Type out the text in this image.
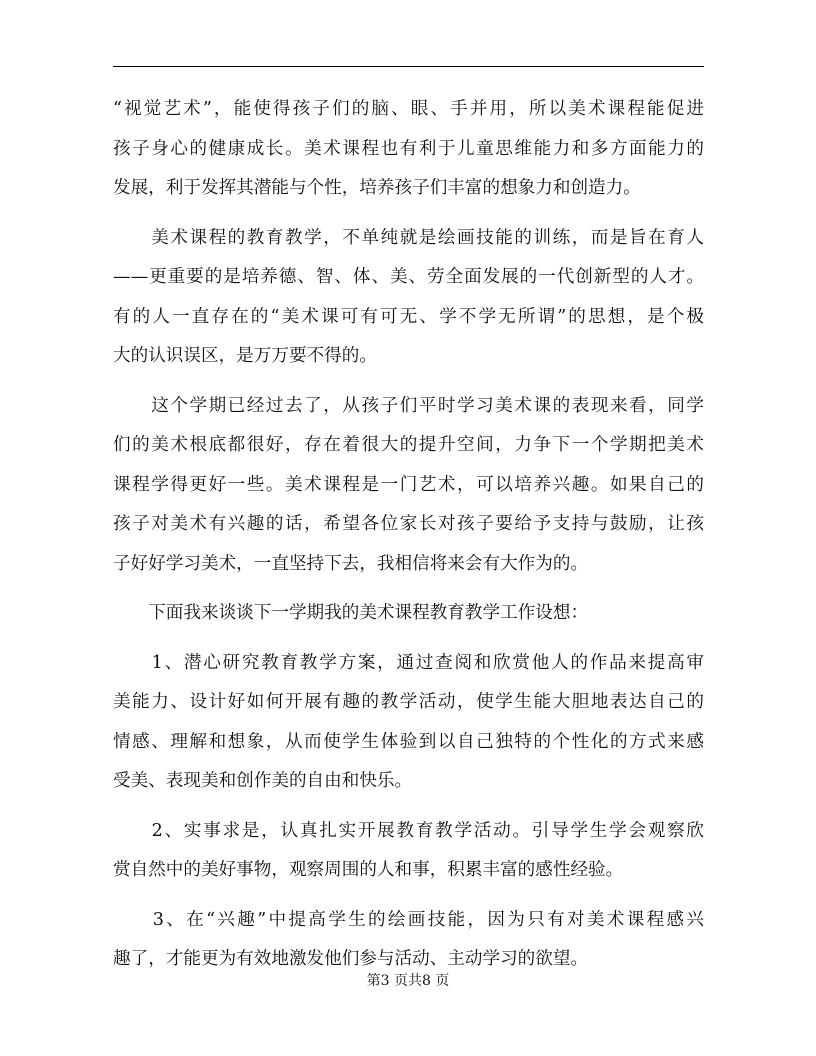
“视觉艺术”，能使得孩子们的脑、眼、手并用，所以美术课程能促进
孩子身心的健康成长。美术课程也有利于儿童思维能力和多方面能力的
发展，利于发挥其潜能与个性，培养孩子们丰富的想象力和创造力。

　　美术课程的教育教学，不单纯就是绘画技能的训练，而是旨在育人
——更重要的是培养德、智、体、美、劳全面发展的一代创新型的人才。
有的人一直存在的“美术课可有可无、学不学无所谓”的思想，是个极
大的认识误区，是万万要不得的。

　　这个学期已经过去了，从孩子们平时学习美术课的表现来看，同学
们的美术根底都很好，存在着很大的提升空间，力争下一个学期把美术
课程学得更好一些。美术课程是一门艺术，可以培养兴趣。如果自己的
孩子对美术有兴趣的话，希望各位家长对孩子要给予支持与鼓励，让孩
子好好学习美术，一直坚持下去，我相信将来会有大作为的。

　　下面我来谈谈下一学期我的美术课程教育教学工作设想：

　　1、潜心研究教育教学方案，通过查阅和欣赏他人的作品来提高审
美能力、设计好如何开展有趣的教学活动，使学生能大胆地表达自己的
情感、理解和想象，从而使学生体验到以自己独特的个性化的方式来感
受美、表现美和创作美的自由和快乐。

　　2、实事求是，认真扎实开展教育教学活动。引导学生学会观察欣
赏自然中的美好事物，观察周围的人和事，积累丰富的感性经验。

　　3、在“兴趣”中提高学生的绘画技能，因为只有对美术课程感兴
趣了，才能更为有效地激发他们参与活动、主动学习的欲望。

第3 页共8 页
